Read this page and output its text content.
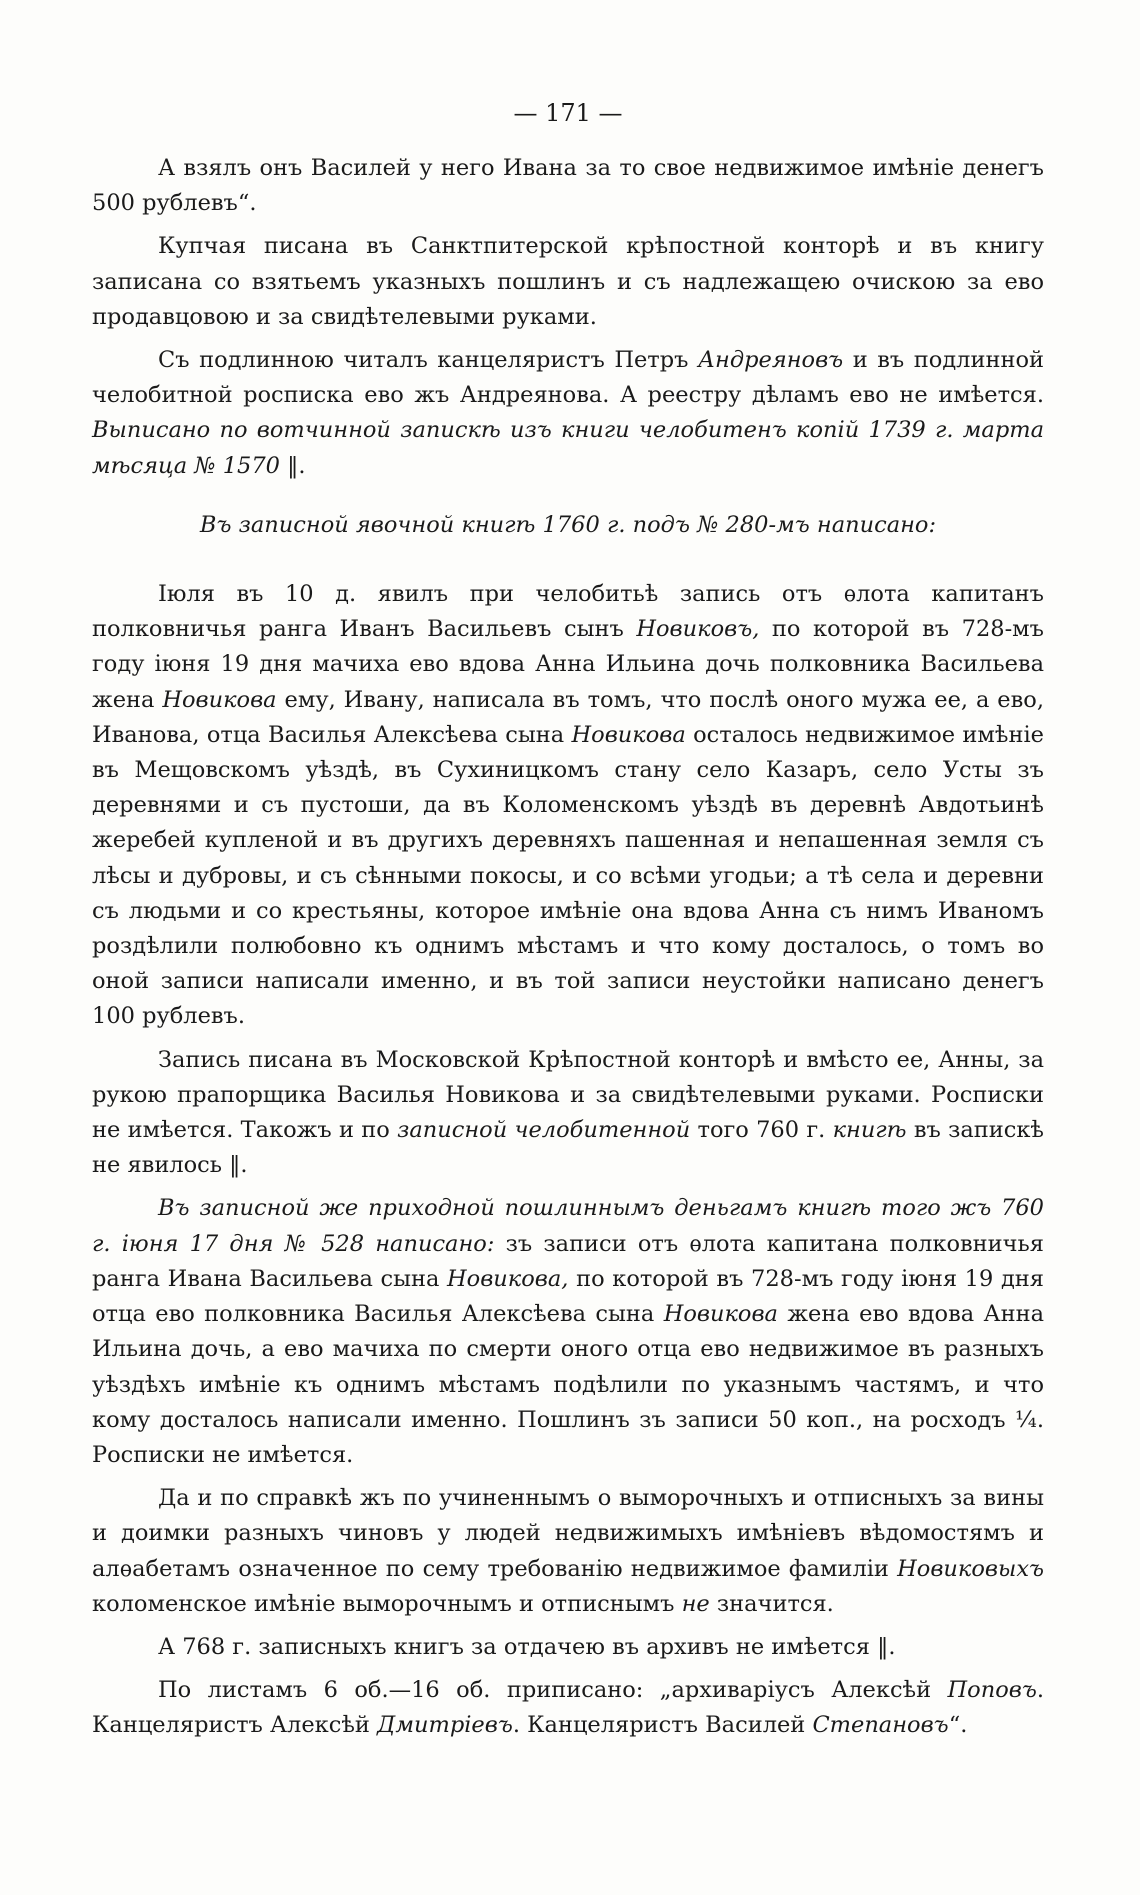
— 171 —

А взялъ онъ Василей у него Ивана за то свое недвижимое имѣніе денегъ 500 рублевъ“.

Купчая писана въ Санктпитерской крѣпостной конторѣ и въ книгу записана со взятьемъ указныхъ пошлинъ и съ надлежащею очискою за ево продавцовою и за свидѣтелевыми руками.

Съ подлинною читалъ канцеляристъ Петръ Андреяновъ и въ подлинной челобитной росписка ево жъ Андреянова. А реестру дѣламъ ево не имѣется. Выписано по вотчинной запискѣ изъ книги челобитенъ копій 1739 г. марта мѣсяца № 1570 ‖.

Въ записной явочной книгѣ 1760 г. подъ № 280-мъ написано:

Іюля въ 10 д. явилъ при челобитьѣ запись отъ ѳлота капитанъ полковничья ранга Иванъ Васильевъ сынъ Новиковъ, по которой въ 728-мъ году іюня 19 дня мачиха ево вдова Анна Ильина дочь полковника Васильева жена Новикова ему, Ивану, написала въ томъ, что послѣ оного мужа ее, а ево, Иванова, отца Василья Алексѣева сына Новикова осталось недвижимое имѣніе въ Мещовскомъ уѣздѣ, въ Сухиницкомъ стану село Казаръ, село Усты зъ деревнями и съ пустоши, да въ Коломенскомъ уѣздѣ въ деревнѣ Авдотьинѣ жеребей купленой и въ другихъ деревняхъ пашенная и непашенная земля съ лѣсы и дубровы, и съ сѣнными покосы, и со всѣми угодьи; а тѣ села и деревни съ людьми и со крестьяны, которое имѣніе она вдова Анна съ нимъ Иваномъ роздѣлили полюбовно къ однимъ мѣстамъ и что кому досталось, о томъ во оной записи написали именно, и въ той записи неустойки написано денегъ 100 рублевъ.

Запись писана въ Московской Крѣпостной конторѣ и вмѣсто ее, Анны, за рукою прапорщика Василья Новикова и за свидѣтелевыми руками. Росписки не имѣется. Такожъ и по записной челобитенной того 760 г. книгѣ въ запискѣ не явилось ‖.

Въ записной же приходной пошлиннымъ деньгамъ книгѣ того жъ 760 г. іюня 17 дня № 528 написано: зъ записи отъ ѳлота капитана полковничья ранга Ивана Васильева сына Новикова, по которой въ 728-мъ году іюня 19 дня отца ево полковника Василья Алексѣева сына Новикова жена ево вдова Анна Ильина дочь, а ево мачиха по смерти оного отца ево недвижимое въ разныхъ уѣздѣхъ имѣніе къ однимъ мѣстамъ подѣлили по указнымъ частямъ, и что кому досталось написали именно. Пошлинъ зъ записи 50 коп., на росходъ ¼. Росписки не имѣется.

Да и по справкѣ жъ по учиненнымъ о выморочныхъ и отписныхъ за вины и доимки разныхъ чиновъ у людей недвижимыхъ имѣніевъ вѣдомостямъ и алѳабетамъ означенное по сему требованію недвижимое фамиліи Новиковыхъ коломенское имѣніе выморочнымъ и отписнымъ не значится.

А 768 г. записныхъ книгъ за отдачею въ архивъ не имѣется ‖.

По листамъ 6 об.—16 об. приписано: „архиваріусъ Алексѣй Поповъ. Канцеляристъ Алексѣй Дмитріевъ. Канцеляристъ Василей Степановъ“.
